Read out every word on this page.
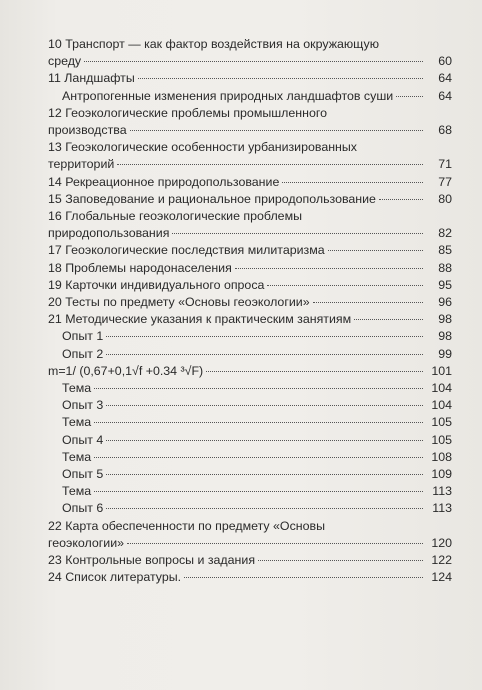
10 Транспорт — как фактор воздействия на окружающую
среду	60
11 Ландшафты	64
Антропогенные изменения природных ландшафтов суши	64
12 Геоэкологические проблемы промышленного
производства	68
13 Геоэкологические особенности урбанизированных
территорий	71
14 Рекреационное природопользование	77
15 Заповедование и рациональное природопользование	80
16 Глобальные геоэкологические проблемы
природопользования	82
17 Геоэкологические последствия милитаризма	85
18 Проблемы народонаселения	88
19 Карточки индивидуального опроса	95
20 Тесты по предмету «Основы геоэкологии»	96
21 Методические указания к практическим занятиям	98
Опыт 1	98
Опыт 2	99
m=1/ (0,67+0,1√f +0.34 ³√F)	101
Тема	104
Опыт 3	104
Тема	105
Опыт 4	105
Тема	108
Опыт 5	109
Тема	113
Опыт 6	113
22 Карта обеспеченности по предмету «Основы
геоэкологии»	120
23 Контрольные вопросы и задания	122
24 Список литературы.	124
